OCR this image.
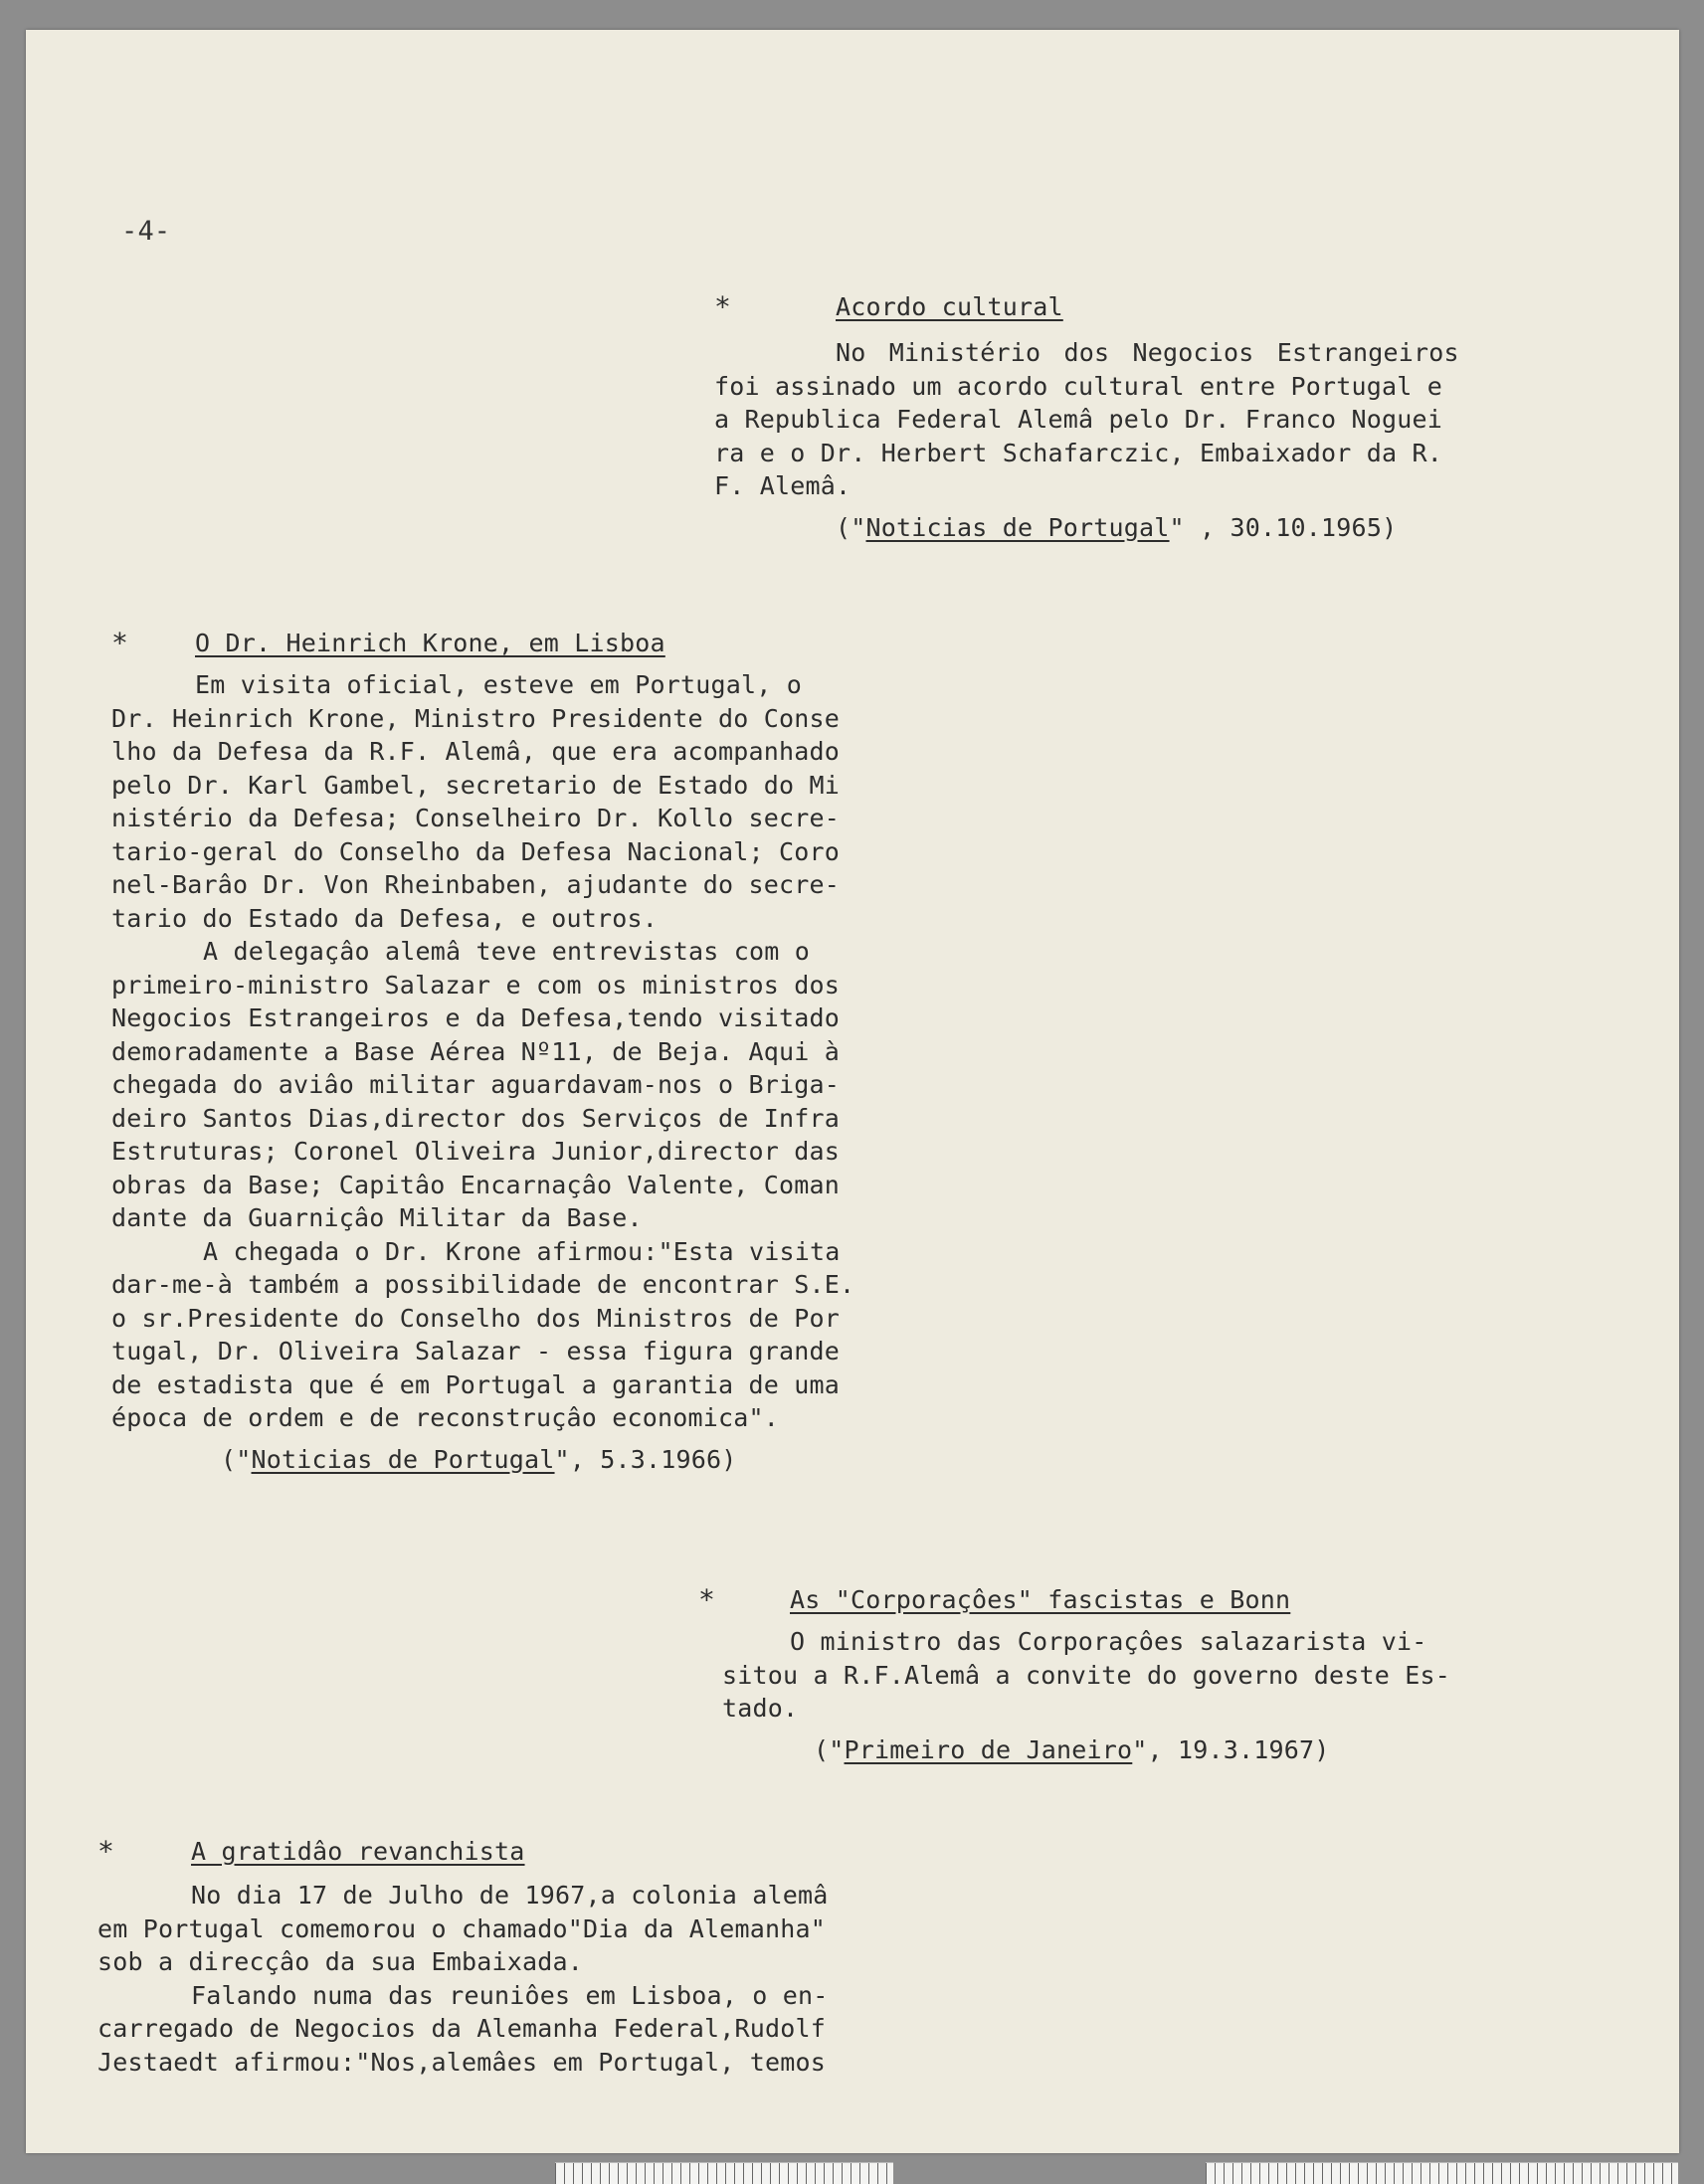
-4-
*	Acordo cultural
No Ministério dos Negocios Estrangeiros
foi assinado um acordo cultural entre Portugal e
a Republica Federal Alemâ pelo Dr. Franco Noguei
ra e o Dr. Herbert Schafarczic, Embaixador da R.
F. Alemâ.
("Noticias de Portugal" , 30.10.1965)
*	O Dr. Heinrich Krone, em Lisboa
Em visita oficial, esteve em Portugal, o
Dr. Heinrich Krone, Ministro Presidente do Conse
lho da Defesa da R.F. Alemâ, que era acompanhado
pelo Dr. Karl Gambel, secretario de Estado do Mi
nistério da Defesa; Conselheiro Dr. Kollo secre-
tario-geral do Conselho da Defesa Nacional; Coro
nel-Barâo Dr. Von Rheinbaben, ajudante do secre-
tario do Estado da Defesa, e outros.
A delegaçâo alemâ teve entrevistas com o
primeiro-ministro Salazar e com os ministros dos
Negocios Estrangeiros e da Defesa,tendo visitado
demoradamente a Base Aérea Nº11, de Beja. Aqui à
chegada do aviâo militar aguardavam-nos o Briga-
deiro Santos Dias,director dos Serviços de Infra
Estruturas; Coronel Oliveira Junior,director das
obras da Base; Capitâo Encarnaçâo Valente, Coman
dante da Guarniçâo Militar da Base.
A chegada o Dr. Krone afirmou:"Esta visita
dar-me-à também a possibilidade de encontrar S.E.
o sr.Presidente do Conselho dos Ministros de Por
tugal, Dr. Oliveira Salazar - essa figura grande
de estadista que é em Portugal a garantia de uma
época de ordem e de reconstruçâo economica".
("Noticias de Portugal", 5.3.1966)
*	As "Corporaçôes" fascistas e Bonn
O ministro das Corporaçôes salazarista vi-
sitou a R.F.Alemâ a convite do governo deste Es-
tado.
("Primeiro de Janeiro", 19.3.1967)
*	A gratidâo revanchista
No dia 17 de Julho de 1967,a colonia alemâ
em Portugal comemorou o chamado"Dia da Alemanha"
sob a direcçâo da sua Embaixada.
Falando numa das reuniôes em Lisboa, o en-
carregado de Negocios da Alemanha Federal,Rudolf
Jestaedt afirmou:"Nos,alemâes em Portugal, temos
